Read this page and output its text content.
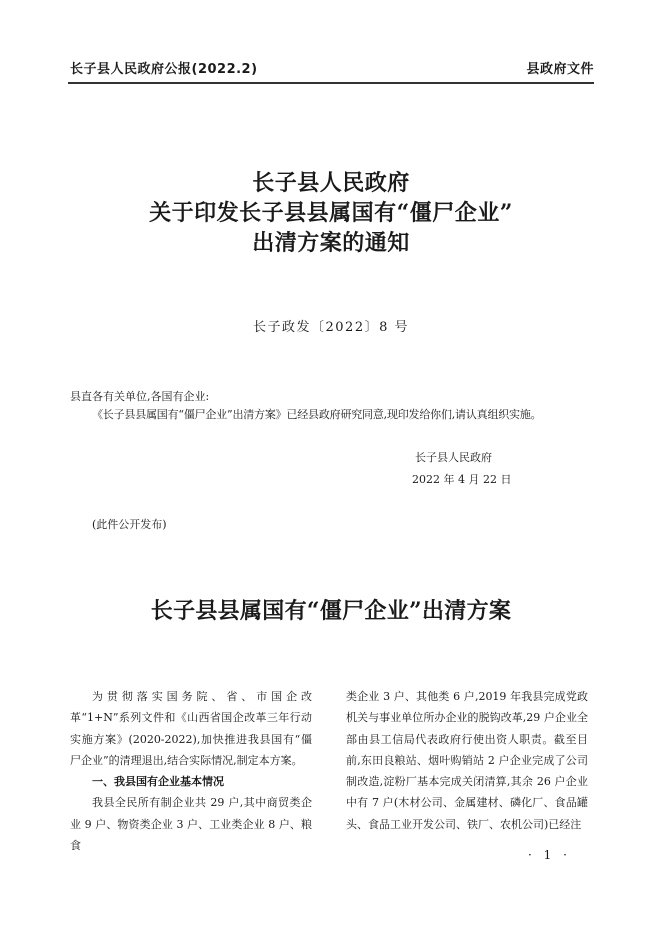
长子县人民政府公报(2022.2)	县政府文件
长子县人民政府
关于印发长子县县属国有“僵尸企业”
出清方案的通知
长子政发〔2022〕8 号
县直各有关单位,各国有企业:
《长子县县属国有“僵尸企业”出清方案》已经县政府研究同意,现印发给你们,请认真组织实施。
长子县人民政府
2022 年 4 月 22 日
(此件公开发布)
长子县县属国有“僵尸企业”出清方案

为贯彻落实国务院、省、市国企改革“1+N”系列文件和《山西省国企改革三年行动实施方案》(2020-2022),加快推进我县国有“僵尸企业”的清理退出,结合实际情况,制定本方案。

一、我县国有企业基本情况

我县全民所有制企业共 29 户,其中商贸类企业 9 户、物资类企业 3 户、工业类企业 8 户、粮食

类企业 3 户、其他类 6 户,2019 年我县完成党政机关与事业单位所办企业的脱钩改革,29 户企业全部由县工信局代表政府行使出资人职责。截至目前,东田良粮站、烟叶购销站 2 户企业完成了公司制改造,淀粉厂基本完成关闭清算,其余 26 户企业中有 7 户(木材公司、金属建材、磷化厂、食品罐头、食品工业开发公司、铁厂、农机公司)已经注

· 1 ·
